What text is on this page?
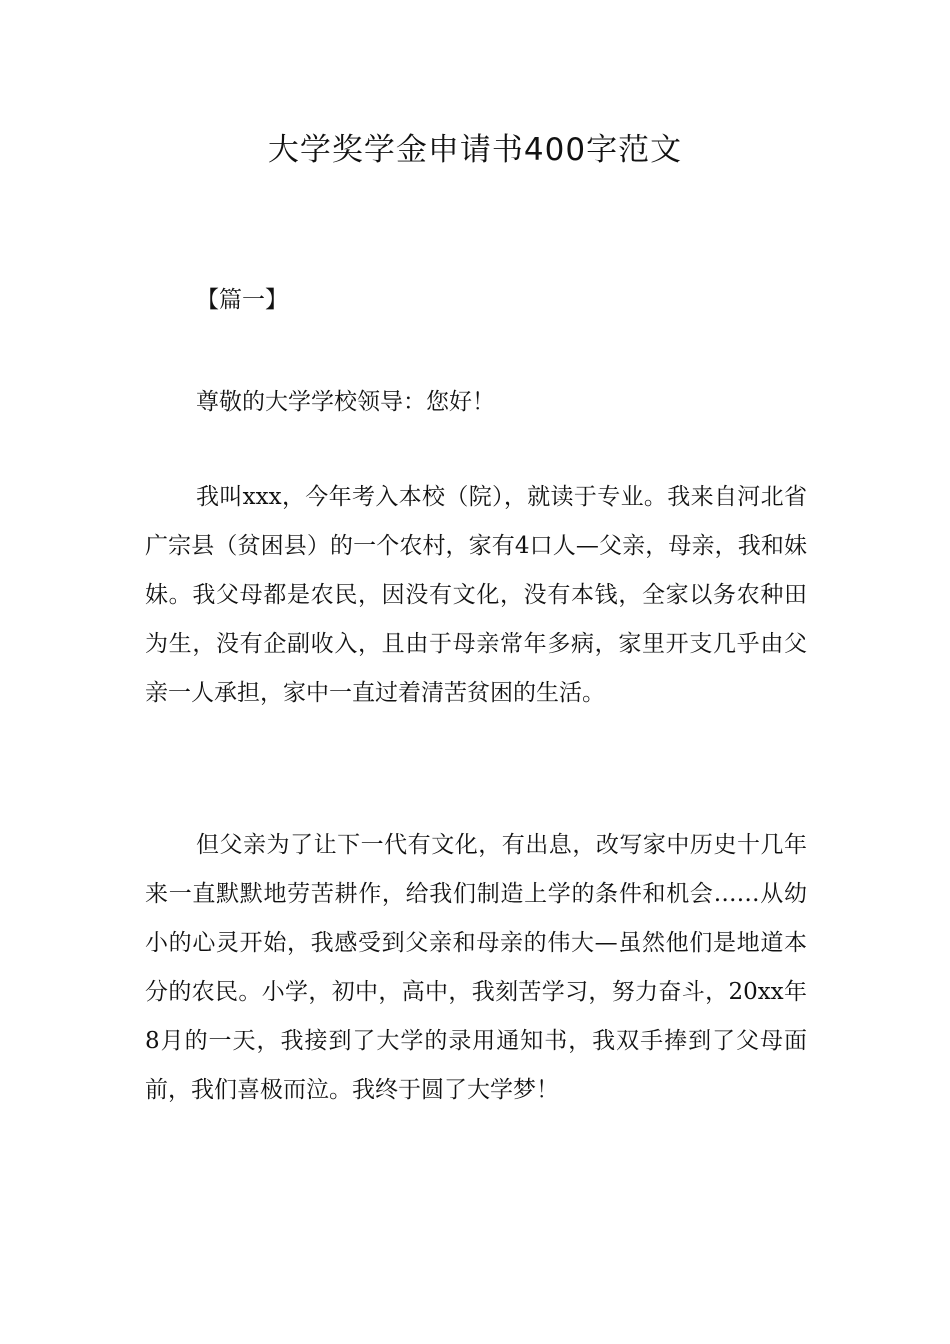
大学奖学金申请书400字范文

【篇一】

尊敬的大学学校领导：您好！

我叫xxx，今年考入本校（院），就读于专业。我来自河北省广宗县（贫困县）的一个农村，家有4口人—父亲，母亲，我和妹妹。我父母都是农民，因没有文化，没有本钱，全家以务农种田为生，没有企副收入，且由于母亲常年多病，家里开支几乎由父亲一人承担，家中一直过着清苦贫困的生活。

但父亲为了让下一代有文化，有出息，改写家中历史十几年来一直默默地劳苦耕作，给我们制造上学的条件和机会……从幼小的心灵开始，我感受到父亲和母亲的伟大—虽然他们是地道本分的农民。小学，初中，高中，我刻苦学习，努力奋斗，20xx年8月的一天，我接到了大学的录用通知书，我双手捧到了父母面前，我们喜极而泣。我终于圆了大学梦！
